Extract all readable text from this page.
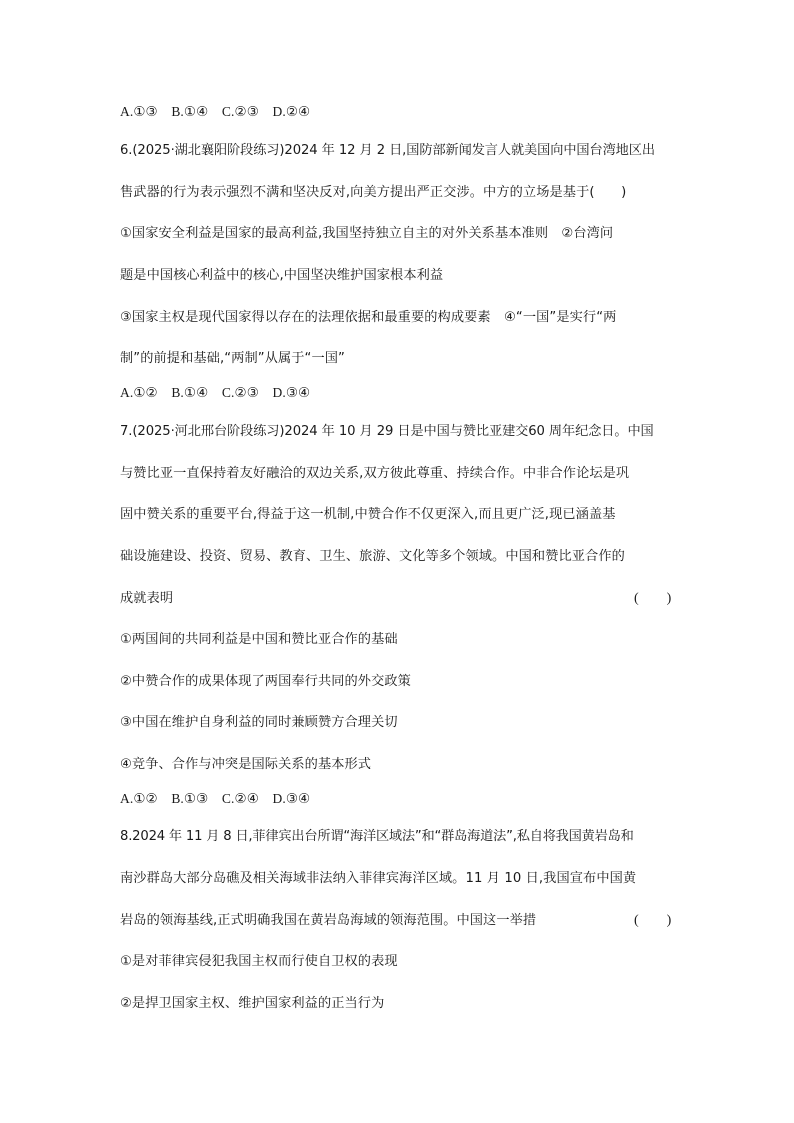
A.①③　B.①④　C.②③　D.②④
6.(2025·湖北襄阳阶段练习)2024 年 12 月 2 日,国防部新闻发言人就美国向中国台湾地区出
售武器的行为表示强烈不满和坚决反对,向美方提出严正交涉。中方的立场是基于(　　)
①国家安全利益是国家的最高利益,我国坚持独立自主的对外关系基本准则　②台湾问
题是中国核心利益中的核心,中国坚决维护国家根本利益
③国家主权是现代国家得以存在的法理依据和最重要的构成要素　④“一国”是实行“两
制”的前提和基础,“两制”从属于“一国”
A.①②　B.①④　C.②③　D.③④
7.(2025·河北邢台阶段练习)2024 年 10 月 29 日是中国与赞比亚建交60 周年纪念日。中国
与赞比亚一直保持着友好融洽的双边关系,双方彼此尊重、持续合作。中非合作论坛是巩
固中赞关系的重要平台,得益于这一机制,中赞合作不仅更深入,而且更广泛,现已涵盖基
础设施建设、投资、贸易、教育、卫生、旅游、文化等多个领域。中国和赞比亚合作的
成就表明	(　　)
①两国间的共同利益是中国和赞比亚合作的基础
②中赞合作的成果体现了两国奉行共同的外交政策
③中国在维护自身利益的同时兼顾赞方合理关切
④竞争、合作与冲突是国际关系的基本形式
A.①②　B.①③　C.②④　D.③④
8.2024 年 11 月 8 日,菲律宾出台所谓“海洋区域法”和“群岛海道法”,私自将我国黄岩岛和
南沙群岛大部分岛礁及相关海域非法纳入菲律宾海洋区域。11 月 10 日,我国宣布中国黄
岩岛的领海基线,正式明确我国在黄岩岛海域的领海范围。中国这一举措	(　　)
①是对菲律宾侵犯我国主权而行使自卫权的表现
②是捍卫国家主权、维护国家利益的正当行为
